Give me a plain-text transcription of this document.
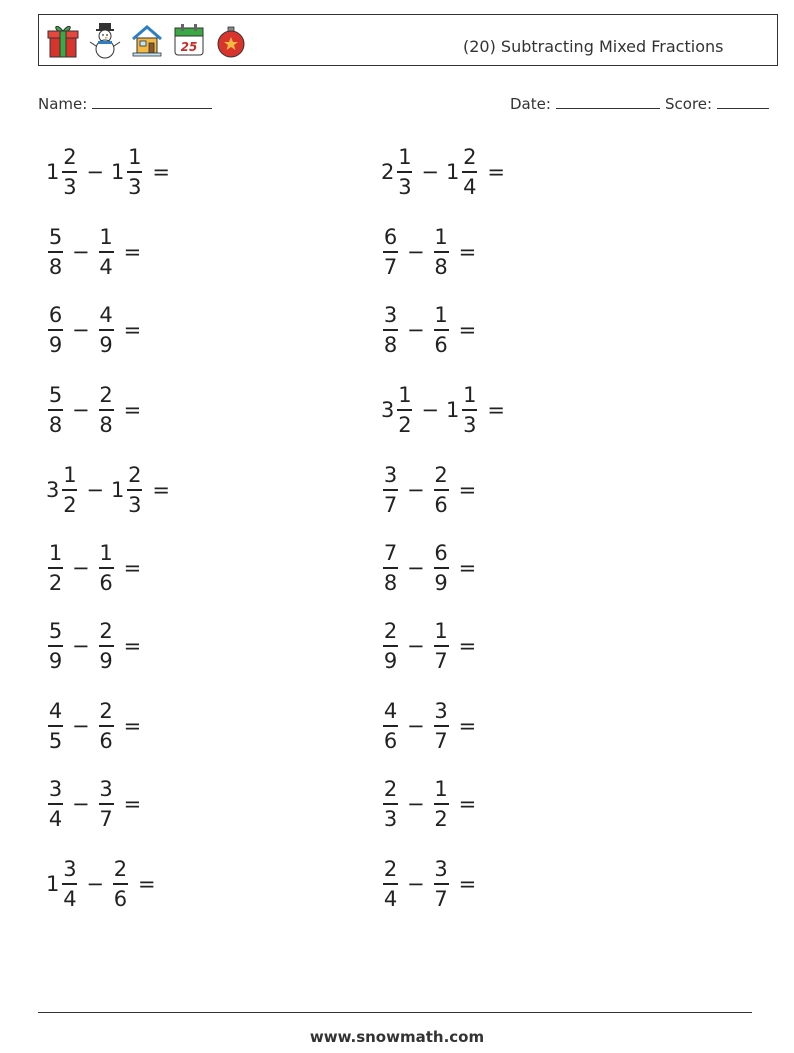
25	(20) Subtracting Mixed Fractions
Name:	Date:	Score:
$1 \frac{2}{3} - 1 \frac{1}{3}$ =
$\frac{5}{8} - \frac{1}{4}$ =
$\frac{6}{9} - \frac{4}{9}$ =
$\frac{5}{8} - \frac{2}{8}$ =
$3 \frac{1}{2} - 1 \frac{2}{3}$ =
$\frac{1}{2} - \frac{1}{6}$ =
$\frac{5}{9} - \frac{2}{9}$ =
$\frac{4}{5} - \frac{2}{6}$ =
$\frac{3}{4} - \frac{3}{7}$ =
$1 \frac{3}{4} - \frac{2}{6}$ =
$2 \frac{1}{3} - 1 \frac{2}{4}$ =
$\frac{6}{7} - \frac{1}{8}$ =
$\frac{3}{8} - \frac{1}{6}$ =
$3 \frac{1}{2} - 1 \frac{1}{3}$ =
$\frac{3}{7} - \frac{2}{6}$ =
$\frac{7}{8} - \frac{6}{9}$ =
$\frac{2}{9} - \frac{1}{7}$ =
$\frac{4}{6} - \frac{3}{7}$ =
$\frac{2}{3} - \frac{1}{2}$ =
$\frac{2}{4} - \frac{3}{7}$ =
www.snowmath.com
